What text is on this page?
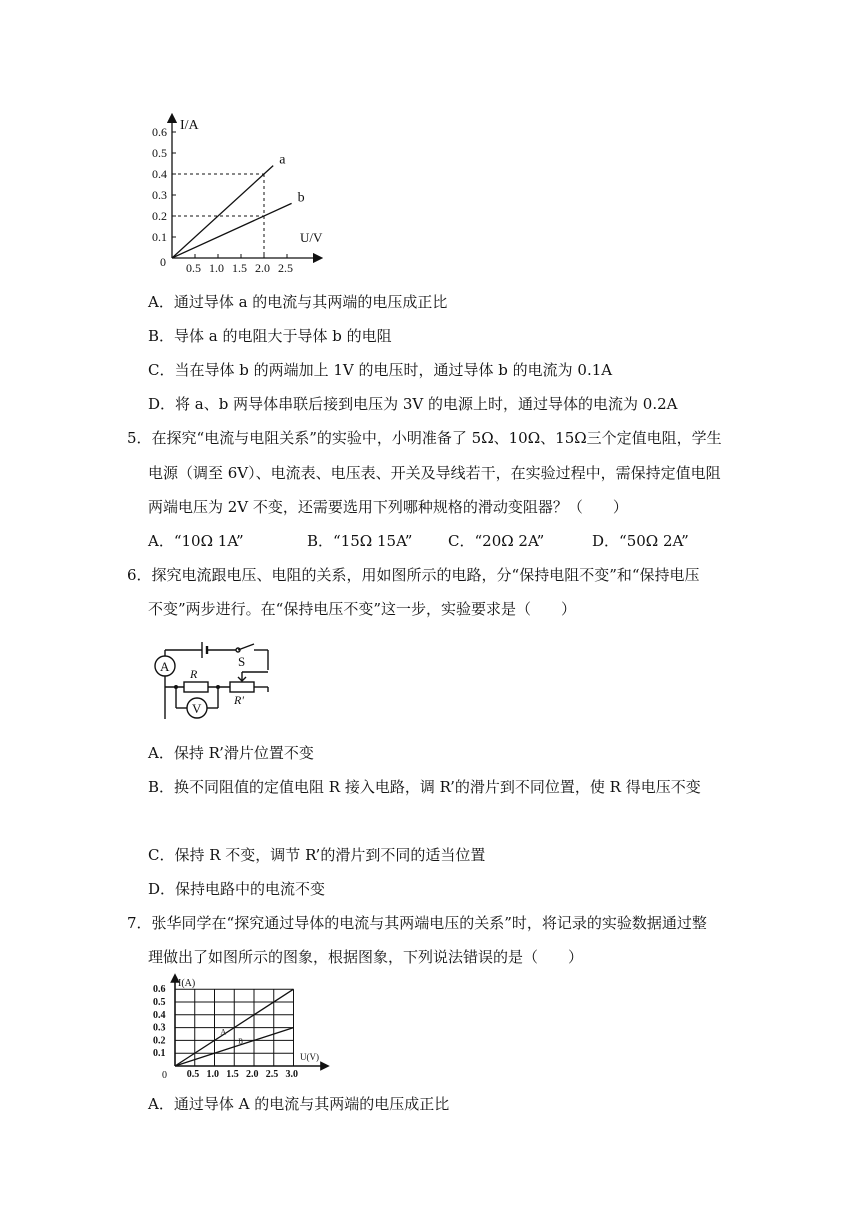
0.1
0.2
0.3
0.4
0.5
0.6
0.5 1.0 1.5 2.0 2.5
a
b
I/A
U/V
0
A．通过导体 a 的电流与其两端的电压成正比
B．导体 a 的电阻大于导体 b 的电阻
C．当在导体 b 的两端加上 1V 的电压时，通过导体 b 的电流为 0.1A
D．将 a、b 两导体串联后接到电压为 3V 的电源上时，通过导体的电流为 0.2A
5．在探究“电流与电阻关系”的实验中，小明准备了 5Ω、10Ω、15Ω三个定值电阻，学生
电源（调至 6V）、电流表、电压表、开关及导线若干，在实验过程中，需保持定值电阻
两端电压为 2V 不变，还需要选用下列哪种规格的滑动变阻器？（　　）
A．“10Ω 1A”	B．“15Ω 15A” C．“20Ω 2A”	D．“50Ω 2A”
6．探究电流跟电压、电阻的关系，用如图所示的电路，分“保持电阻不变”和“保持电压
不变”两步进行。在“保持电压不变”这一步，实验要求是（　　）
A
V
S
R
R'
A．保持 R’滑片位置不变
B．换不同阻值的定值电阻 R 接入电路，调 R’的滑片到不同位置，使 R 得电压不变
C．保持 R 不变，调节 R’的滑片到不同的适当位置
D．保持电路中的电流不变
7．张华同学在“探究通过导体的电流与其两端电压的关系”时，将记录的实验数据通过整
理做出了如图所示的图象，根据图象，下列说法错误的是（　　）
0.1
0.2
0.3
0.4
0.5
0.6
0.5 1.0 1.5 2.0 2.5 3.0
A
B
I(A)
U(V)
0
A．通过导体 A 的电流与其两端的电压成正比
